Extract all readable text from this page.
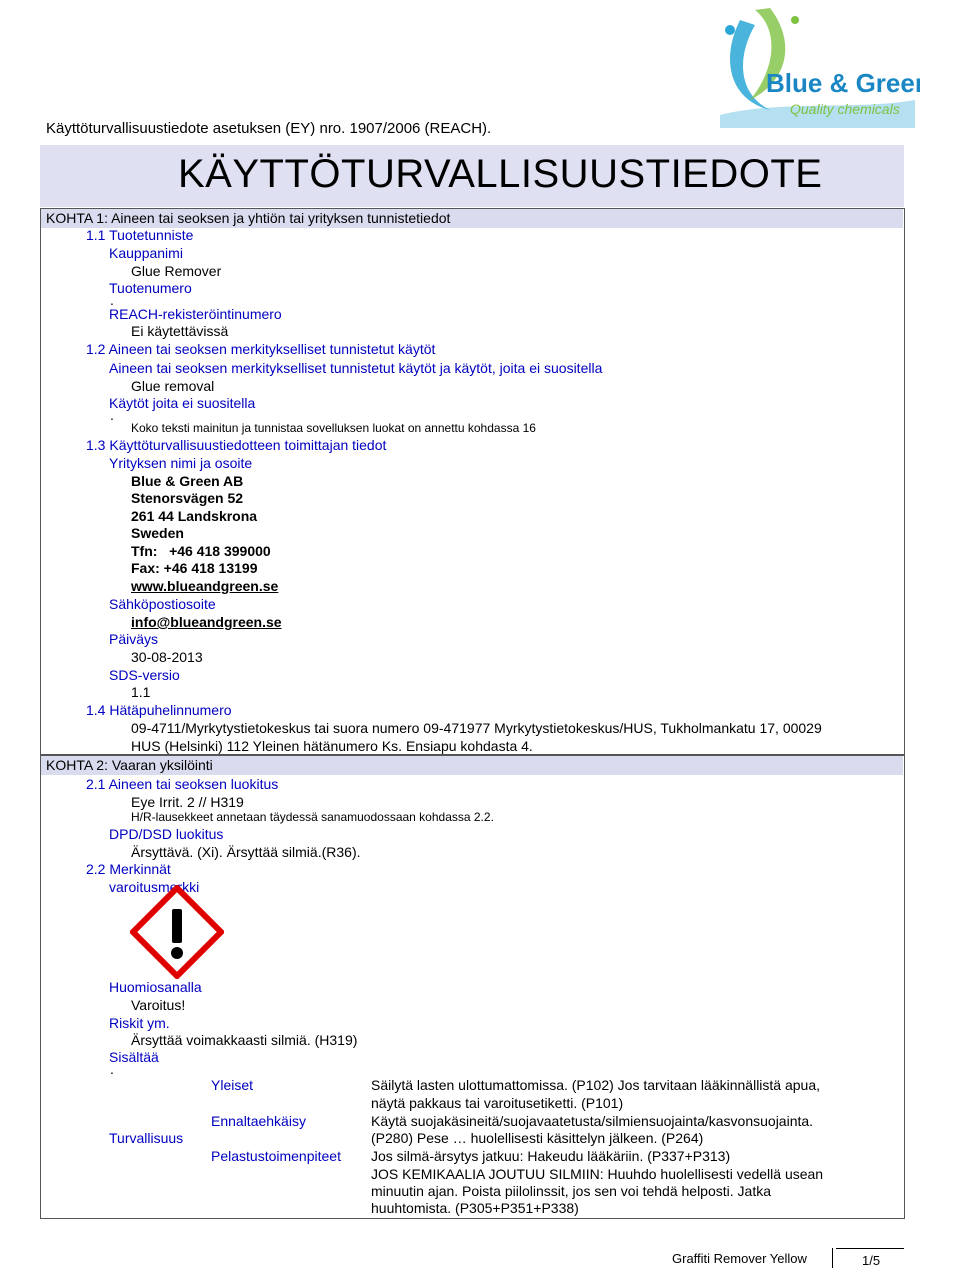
Blue & Green
Quality chemicals
Käyttöturvallisuustiedote asetuksen (EY) nro. 1907/2006 (REACH).
KÄYTTÖTURVALLISUUSTIEDOTE
KOHTA 1: Aineen tai seoksen ja yhtiön tai yrityksen tunnistetiedot
1.1 Tuotetunniste
Kauppanimi
Glue Remover
Tuotenumero
.
REACH-rekisteröintinumero
Ei käytettävissä
1.2 Aineen tai seoksen merkitykselliset tunnistetut käytöt
Aineen tai seoksen merkitykselliset tunnistetut käytöt ja käytöt, joita ei suositella
Glue removal
Käytöt joita ei suositella
.
Koko teksti mainitun ja tunnistaa sovelluksen luokat on annettu kohdassa 16
1.3 Käyttöturvallisuustiedotteen toimittajan tiedot
Yrityksen nimi ja osoite
Blue & Green AB
Stenorsvägen 52
261 44 Landskrona
Sweden
Tfn:   +46 418 399000
Fax: +46 418 13199
www.blueandgreen.se
Sähköpostiosoite
info@blueandgreen.se
Päiväys
30-08-2013
SDS-versio
1.1
1.4 Hätäpuhelinnumero
09-4711/Myrkytystietokeskus tai suora numero 09-471977 Myrkytystietokeskus/HUS, Tukholmankatu 17, 00029
HUS (Helsinki) 112 Yleinen hätänumero Ks. Ensiapu kohdasta 4.
KOHTA 2: Vaaran yksilöinti
2.1 Aineen tai seoksen luokitus
Eye Irrit. 2 // H319
H/R-lausekkeet annetaan täydessä sanamuodossaan kohdassa 2.2.
DPD/DSD luokitus
Ärsyttävä. (Xi). Ärsyttää silmiä.(R36).
2.2 Merkinnät
varoitusmerkki
Huomiosanalla
Varoitus!
Riskit ym.
Ärsyttää voimakkaasti silmiä. (H319)
Sisältää
.
Turvallisuus
Yleiset	Säilytä lasten ulottumattomissa. (P102) Jos tarvitaan lääkinnällistä apua,
näytä pakkaus tai varoitusetiketti. (P101)
Ennaltaehkäisy	Käytä suojakäsineitä/suojavaatetusta/silmiensuojainta/kasvonsuojainta.
(P280) Pese … huolellisesti käsittelyn jälkeen. (P264)
Pelastustoimenpiteet Jos silmä-ärsytys jatkuu: Hakeudu lääkäriin. (P337+P313)
JOS KEMIKAALIA JOUTUU SILMIIN: Huuhdo huolellisesti vedellä usean
minuutin ajan. Poista piilolinssit, jos sen voi tehdä helposti. Jatka
huuhtomista. (P305+P351+P338)
Graffiti Remover Yellow	1/5
